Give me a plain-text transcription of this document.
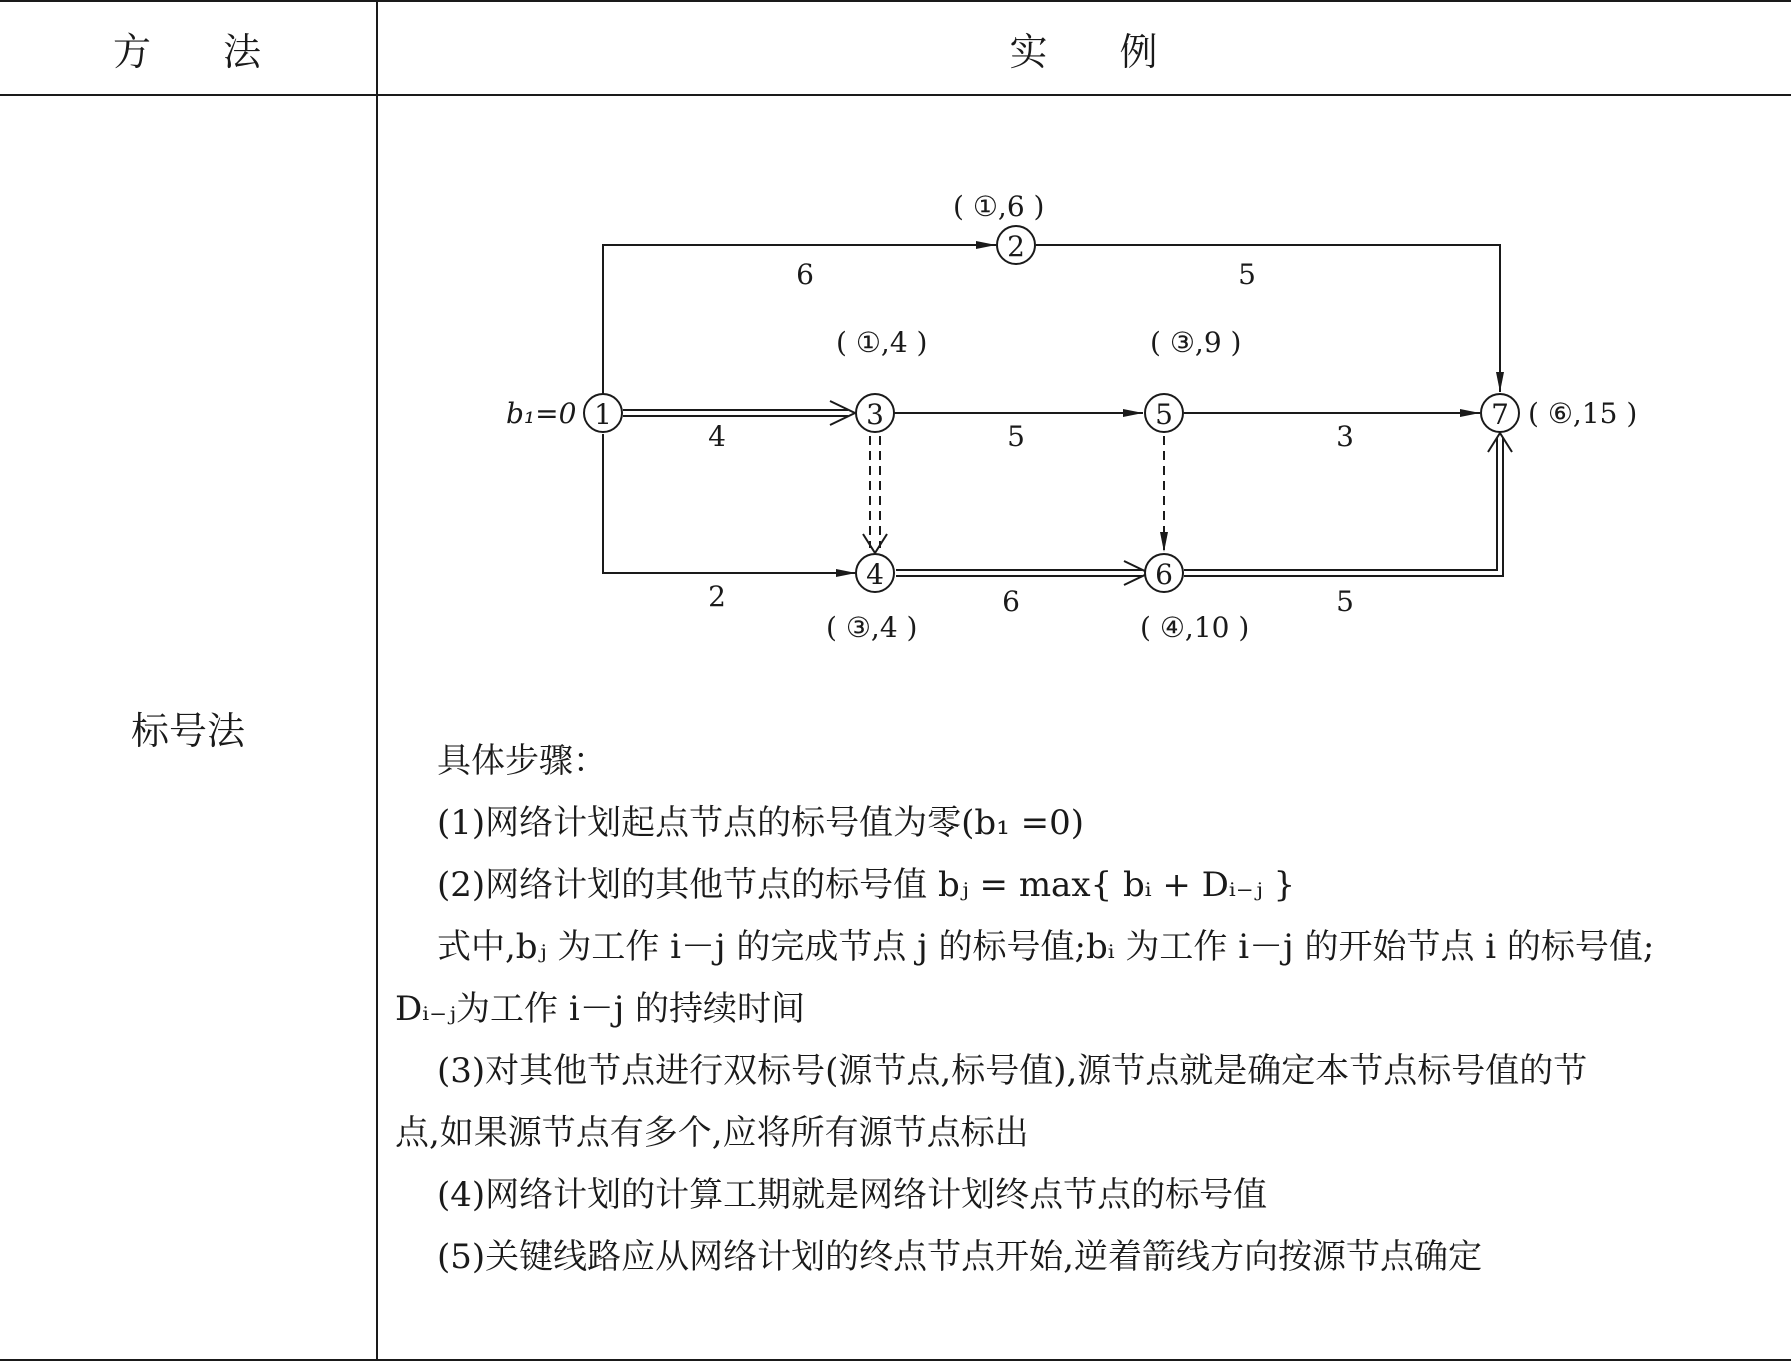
方 法	实 例
标号法
1
2
3
4
5
6
7
b₁=0
( ①,6 )
( ①,4 )
( ③,4 )
( ③,9 )
( ④,10 )
( ⑥,15 )
6	5
4	5	3
2	6	5
具体步骤：
(1)网络计划起点节点的标号值为零(b₁ =0)
(2)网络计划的其他节点的标号值 bⱼ = max{ bᵢ + Dᵢ₋ⱼ }
式中,bⱼ 为工作 i－j 的完成节点 j 的标号值;bᵢ 为工作 i－j 的开始节点 i 的标号值;
Dᵢ₋ⱼ为工作 i－j 的持续时间
(3)对其他节点进行双标号(源节点,标号值),源节点就是确定本节点标号值的节
点,如果源节点有多个,应将所有源节点标出
(4)网络计划的计算工期就是网络计划终点节点的标号值
(5)关键线路应从网络计划的终点节点开始,逆着箭线方向按源节点确定
